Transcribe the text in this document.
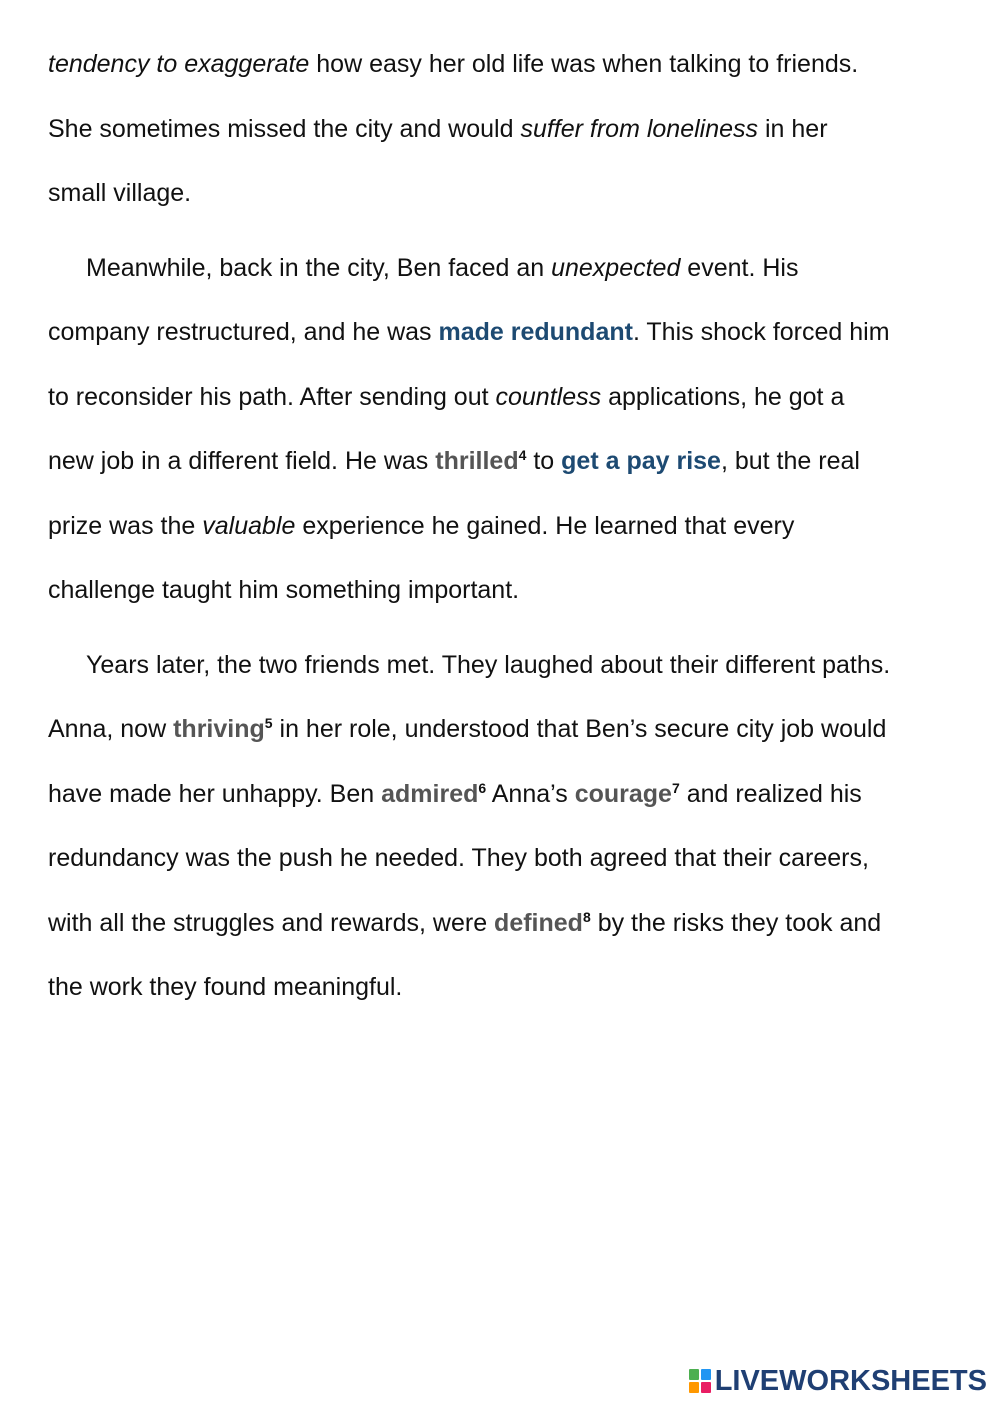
tendency to exaggerate how easy her old life was when talking to friends.
She sometimes missed the city and would suffer from loneliness in her
small village.
Meanwhile, back in the city, Ben faced an unexpected event. His
company restructured, and he was made redundant. This shock forced him
to reconsider his path. After sending out countless applications, he got a
new job in a different field. He was thrilled$^4$ to get a pay rise, but the real
prize was the valuable experience he gained. He learned that every
challenge taught him something important.
Years later, the two friends met. They laughed about their different paths.
Anna, now thriving$^5$ in her role, understood that Ben’s secure city job would
have made her unhappy. Ben admired$^6$ Anna’s courage$^7$ and realized his
redundancy was the push he needed. They both agreed that their careers,
with all the struggles and rewards, were defined$^8$ by the risks they took and
the work they found meaningful.
LIVEWORKSHEETS
